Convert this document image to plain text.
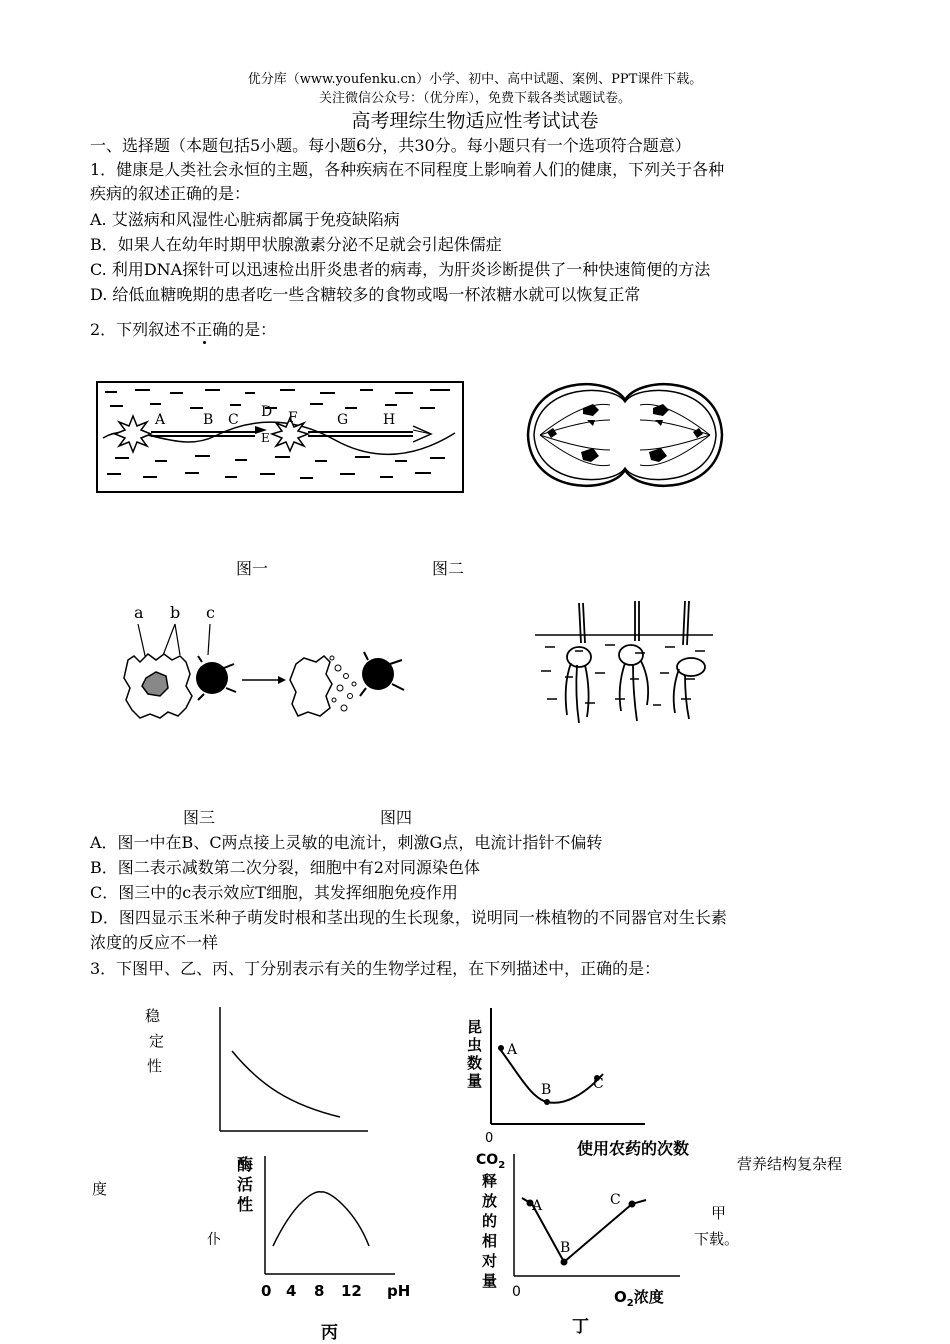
优分库（www.youfenku.cn）小学、初中、高中试题、案例、PPT课件下载。
关注微信公众号：（优分库），免费下载各类试题试卷。
高考理综生物适应性考试试卷
一、选择题（本题包括5小题。每小题6分，共30分。每小题只有一个选项符合题意）
1．健康是人类社会永恒的主题，各种疾病在不同程度上影响着人们的健康，下列关于各种
疾病的叙述正确的是：
A. 艾滋病和风湿性心脏病都属于免疫缺陷病
B．如果人在幼年时期甲状腺激素分泌不足就会引起侏儒症
C. 利用DNA探针可以迅速检出肝炎患者的病毒，为肝炎诊断提供了一种快速简便的方法
D. 给低血糖晚期的患者吃一些含糖较多的食物或喝一杯浓糖水就可以恢复正常
2．下列叙述不正确的是：
A	B C D
E
F	G H
图一	图二
a b c
图三	图四
A．图一中在B、C两点接上灵敏的电流计，刺激G点，电流计指针不偏转
B．图二表示减数第二次分裂，细胞中有2对同源染色体
C．图三中的c表示效应T细胞，其发挥细胞免疫作用
D．图四显示玉米种子萌发时根和茎出现的生长现象，说明同一株植物的不同器官对生长素
浓度的反应不一样
3．下图甲、乙、丙、丁分别表示有关的生物学过程，在下列描述中，正确的是：
稳
定
性
营养结构复杂程
度
甲
昆
虫
数
量
0
使用农药的次数
A
B	C
酶
活
性
仆
0 4 8 12 pH
丙
$CO_2$
释
放
的
相
对
量
0	$O_2$浓度
丁
A
B
C
下载。
